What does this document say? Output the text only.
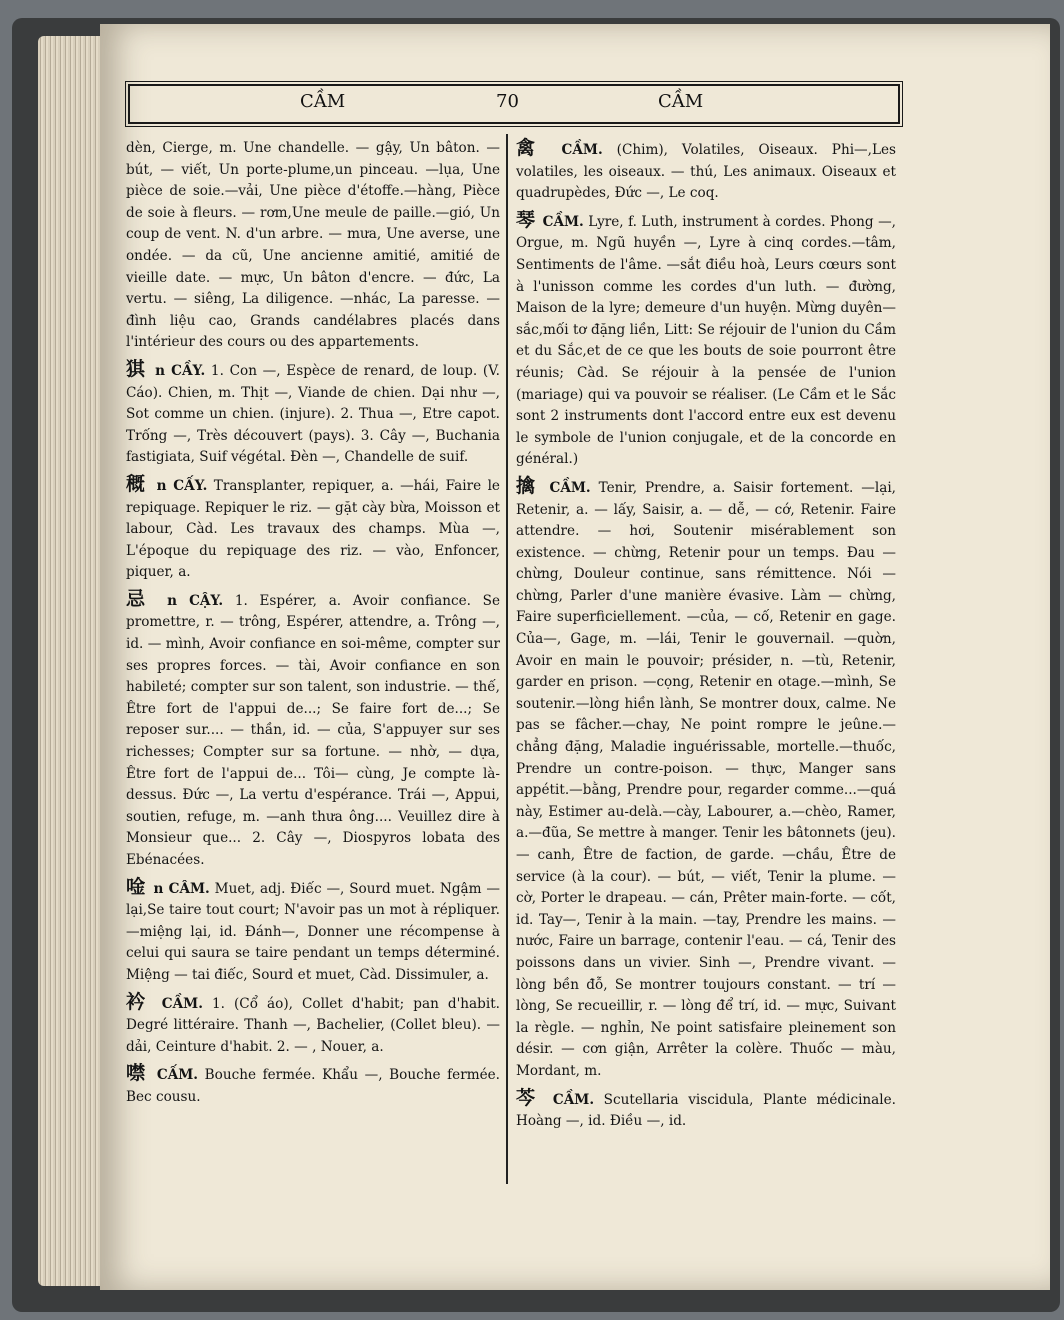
CẦM	70	CẦM

dèn, Cierge, m. Une chandelle. — gậy, Un bâton. — bút, — viết, Un porte-plume,un pinceau. —lụa, Une pièce de soie.—vải, Une pièce d'étoffe.—hàng, Pièce de soie à fleurs. — rơm,Une meule de paille.—gió, Un coup de vent. N. d'un arbre. — mưa, Une averse, une ondée. — da cũ, Une ancienne amitié, amitié de vieille date. — mực, Un bâton d'encre. — đức, La vertu. — siêng, La diligence. —nhác, La paresse. — đình liệu cao, Grands candélabres placés dans l'intérieur des cours ou des appartements.

猉 n CẦY. 1. Con —, Espèce de renard, de loup. (V. Cáo). Chien, m. Thịt —, Viande de chien. Dại như —, Sot comme un chien. (injure). 2. Thua —, Etre capot. Trống —, Très découvert (pays). 3. Cây —, Buchania fastigiata, Suif végétal. Đèn —, Chandelle de suif.

穊 n CẤY. Transplanter, repiquer, a. —hái, Faire le repiquage. Repiquer le riz. — gặt cày bừa, Moisson et labour, Càd. Les travaux des champs. Mùa —, L'époque du repiquage des riz. — vào, Enfoncer, piquer, a.

忌 n CẬY. 1. Espérer, a. Avoir confiance. Se promettre, r. — trông, Espérer, attendre, a. Trông —, id. — mình, Avoir confiance en soi-même, compter sur ses propres forces. — tài, Avoir confiance en son habileté; compter sur son talent, son industrie. — thế, Être fort de l'appui de...; Se faire fort de...; Se reposer sur.... — thần, id. — của, S'appuyer sur ses richesses; Compter sur sa fortune. — nhờ, — dựa, Être fort de l'appui de... Tôi— cùng, Je compte là-dessus. Đức —, La vertu d'espérance. Trái —, Appui, soutien, refuge, m. —anh thưa ông.... Veuillez dire à Monsieur que... 2. Cây —, Diospyros lobata des Ebénacées.

唫 n CÂM. Muet, adj. Điếc —, Sourd muet. Ngậm —lại,Se taire tout court; N'avoir pas un mot à répliquer.—miệng lại, id. Đánh—, Donner une récompense à celui qui saura se taire pendant un temps déterminé. Miệng — tai điếc, Sourd et muet, Càd. Dissimuler, a.

衿 CẦM. 1. (Cổ áo), Collet d'habit; pan d'habit. Degré littéraire. Thanh —, Bachelier, (Collet bleu). — dải, Ceinture d'habit. 2. — , Nouer, a.

噤 CẤM. Bouche fermée. Khẩu —, Bouche fermée. Bec cousu.

禽 CẦM. (Chim), Volatiles, Oiseaux. Phi—,Les volatiles, les oiseaux. — thú, Les animaux. Oiseaux et quadrupèdes, Đức —, Le coq.

琴 CẦM. Lyre, f. Luth, instrument à cordes. Phong —, Orgue, m. Ngũ huyền —, Lyre à cinq cordes.—tâm, Sentiments de l'âme. —sắt điều hoà, Leurs cœurs sont à l'unisson comme les cordes d'un luth. — đường, Maison de la lyre; demeure d'un huyện. Mừng duyên—sắc,mối tơ đặng liền, Litt: Se réjouir de l'union du Cầm et du Sắc,et de ce que les bouts de soie pourront être réunis; Càd. Se réjouir à la pensée de l'union (mariage) qui va pouvoir se réaliser. (Le Cầm et le Sắc sont 2 instruments dont l'accord entre eux est devenu le symbole de l'union conjugale, et de la concorde en général.)

擒 CẦM. Tenir, Prendre, a. Saisir fortement. —lại, Retenir, a. — lấy, Saisir, a. — dễ, — cớ, Retenir. Faire attendre. — hơi, Soutenir misérablement son existence. — chừng, Retenir pour un temps. Đau — chừng, Douleur continue, sans rémittence. Nói — chừng, Parler d'une manière évasive. Làm — chừng, Faire superficiellement. —của, — cố, Retenir en gage. Của—, Gage, m. —lái, Tenir le gouvernail. —quờn, Avoir en main le pouvoir; présider, n. —tù, Retenir, garder en prison. —cọng, Retenir en otage.—mình, Se soutenir.—lòng hiền lành, Se montrer doux, calme. Ne pas se fâcher.—chay, Ne point rompre le jeûne.—chẳng đặng, Maladie inguérissable, mortelle.—thuốc, Prendre un contre-poison. — thực, Manger sans appétit.—bằng, Prendre pour, regarder comme...—quá này, Estimer au-delà.—cày, Labourer, a.—chèo, Ramer, a.—đũa, Se mettre à manger. Tenir les bâtonnets (jeu).— canh, Être de faction, de garde. —chầu, Être de service (à la cour). — bút, — viết, Tenir la plume. — cờ, Porter le drapeau. — cán, Prêter main-forte. — cốt, id. Tay—, Tenir à la main. —tay, Prendre les mains. — nước, Faire un barrage, contenir l'eau. — cá, Tenir des poissons dans un vivier. Sinh —, Prendre vivant. — lòng bền đỗ, Se montrer toujours constant. — trí — lòng, Se recueillir, r. — lòng để trí, id. — mực, Suivant la règle. — nghỉn, Ne point satisfaire pleinement son désir. — cơn giận, Arrêter la colère. Thuốc — màu, Mordant, m.

芩 CẦM. Scutellaria viscidula, Plante médicinale. Hoàng —, id. Điều —, id.
